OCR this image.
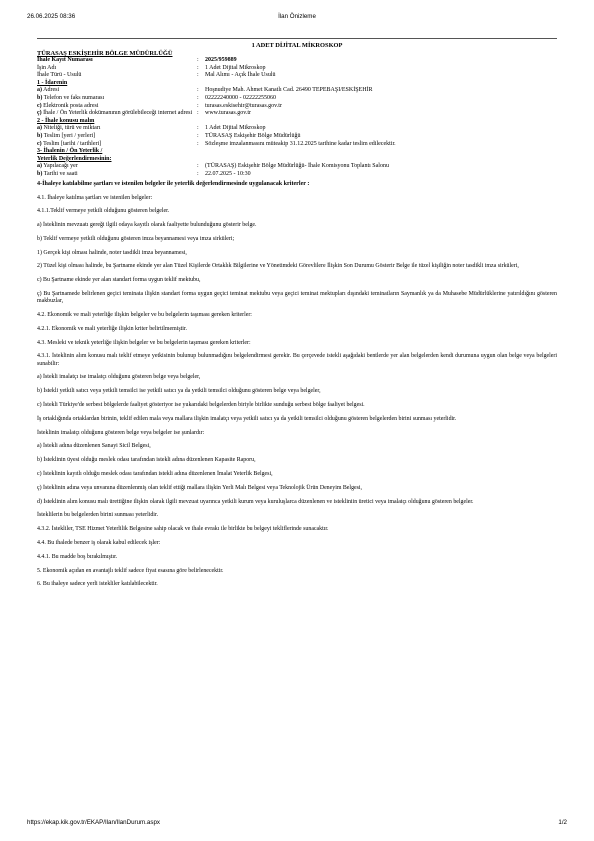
26.06.2025 08:36	İlan Önizleme
1 ADET DİJİTAL MİKROSKOP
TÜRASAŞ ESKİŞEHİR BÖLGE MÜDÜRLÜĞÜ
İhale Kayıt Numarası	:	2025/959889
İşin Adı	:	1 Adet Dijital Mikroskop
İhale Türü - Usulü	:	Mal Alımı - Açık İhale Usulü
1 - İdarenin		
a) Adresi	:	Hoşnudiye Mah. Ahmet Kanatlı Cad. 26490 TEPEBAŞI/ESKİŞEHİR
b) Telefon ve faks numarası	:	02222240000 - 02222255060
c) Elektronik posta adresi	:	turasas.eskisehir@turasas.gov.tr
ç) İhale / Ön Yeterlik dokümanının görülebileceği internet adresi	:	www.turasas.gov.tr
2 - İhale konusu malın		
a) Niteliği, türü ve miktarı	:	1 Adet Dijital Mikroskop
b) Teslim [yeri / yerleri]	:	TÜRASAŞ Eskişehir Bölge Müdürlüğü
c) Teslim [tarihi / tarihleri]	:	Sözleşme imzalanmasını müteakip 31.12.2025 tarihine kadar teslim edilecektir.
3- İhalenin / Ön Yeterlik /
Yeterlik Değerlendirmesinin:		
a) Yapılacağı yer	:	(TÜRASAŞ) Eskişehir Bölge Müdürlüğü- İhale Komisyonu Toplantı Salonu
b) Tarihi ve saati	:	22.07.2025 - 10:30
4-İhaleye katılabilme şartları ve istenilen belgeler ile yeterlik değerlendirmesinde uygulanacak kriterler :

4.1. İhaleye katılma şartları ve istenilen belgeler:

4.1.1.Teklif vermeye yetkili olduğunu gösteren belgeler.

a) İsteklinin mevzuatı gereği ilgili odaya kayıtlı olarak faaliyette bulunduğunu gösterir belge.

b) Teklif vermeye yetkili olduğunu gösteren imza beyannamesi veya imza sirküleri;

1) Gerçek kişi olması halinde, noter tasdikli imza beyannamesi,

2) Tüzel kişi olması halinde, bu Şartname ekinde yer alan Tüzel Kişilerde Ortaklık Bilgilerine ve Yönetimdeki Görevlilere İlişkin Son Durumu Gösterir Belge ile tüzel kişiliğin noter tasdikli imza sirküleri,

c) Bu Şartname ekinde yer alan standart forma uygun teklif mektubu,

ç) Bu Şartnamede belirlenen geçici teminata ilişkin standart forma uygun geçici teminat mektubu veya geçici teminat mektupları dışındaki teminatların Saymanlık ya da Muhasebe Müdürlüklerine yatırıldığını gösteren makbuzlar,

4.2. Ekonomik ve mali yeterliğe ilişkin belgeler ve bu belgelerin taşıması gereken kriterler:

4.2.1. Ekonomik ve mali yeterliğe ilişkin kriter belirtilmemiştir.

4.3. Mesleki ve teknik yeterliğe ilişkin belgeler ve bu belgelerin taşıması gereken kriterler:

4.3.1. İsteklinin alım konusu malı teklif etmeye yetkisinin bulunup bulunmadığını belgelendirmesi gerekir. Bu çerçevede istekli aşağıdaki bentlerde yer alan belgelerden kendi durumuna uygun olan belge veya belgeleri sunabilir:

a) İstekli imalatçı ise imalatçı olduğunu gösteren belge veya belgeler,

b) İstekli yetkili satıcı veya yetkili temsilci ise yetkili satıcı ya da yetkili temsilci olduğunu gösteren belge veya belgeler,

c) İstekli Türkiye'de serbest bölgelerde faaliyet gösteriyor ise yukarıdaki belgelerden biriyle birlikte sunduğu serbest bölge faaliyet belgesi.

İş ortaklığında ortaklardan birinin, teklif edilen mala veya mallara ilişkin imalatçı veya yetkili satıcı ya da yetkili temsilci olduğunu gösteren belgelerden birini sunması yeterlidir.

İsteklinin imalatçı olduğunu gösteren belge veya belgeler ise şunlardır:

a) İstekli adına düzenlenen Sanayi Sicil Belgesi,

b) İsteklinin üyesi olduğu meslek odası tarafından istekli adına düzenlenen Kapasite Raporu,

c) İsteklinin kayıtlı olduğu meslek odası tarafından istekli adına düzenlenen İmalat Yeterlik Belgesi,

ç) İsteklinin adına veya unvanına düzenlenmiş olan teklif ettiği mallara ilişkin Yerli Malı Belgesi veya Teknolojik Ürün Deneyim Belgesi,

d) İsteklinin alım konusu malı ürettiğine ilişkin olarak ilgili mevzuat uyarınca yetkili kurum veya kuruluşlarca düzenlenen ve istekliniin üretici veya imalatçı olduğunu gösteren belgeler.

İsteklilerin bu belgelerden birini sunması yeterlidir.

4.3.2. İstekliler, TSE Hizmet Yeterlilik Belgesine sahip olacak ve ihale evrakı ile birlikte bu belgeyi tekliflerinde sunacaktır.

4.4. Bu ihalede benzer iş olarak kabul edilecek işler:

4.4.1. Bu madde boş bırakılmıştır.

5. Ekonomik açıdan en avantajlı teklif sadece fiyat esasına göre belirlenecektir.

6. Bu ihaleye sadece yerli istekliler katılabilecektir.

https://ekap.kik.gov.tr/EKAP/Ilan/IlanDurum.aspx	1/2
